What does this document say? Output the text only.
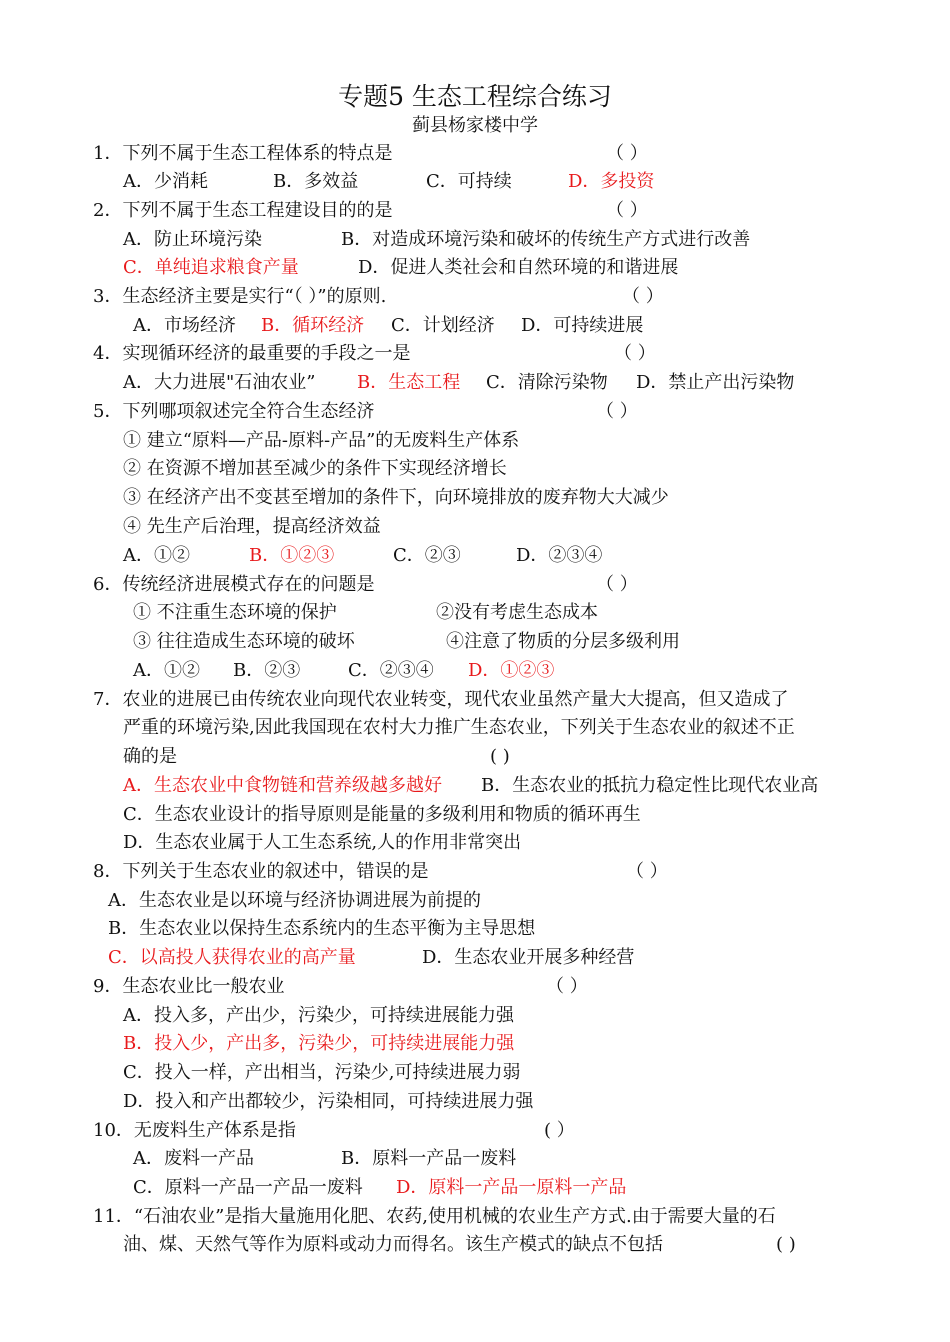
专题5 生态工程综合练习
蓟县杨家楼中学
1．下列不属于生态工程体系的特点是	（ ）
A．少消耗	B．多效益	C．可持续	D．多投资
2．下列不属于生态工程建设目的的是	（ ）
A．防止环境污染	B．对造成环境污染和破坏的传统生产方式进行改善
C．单纯追求粮食产量	D．促进人类社会和自然环境的和谐进展
3．生态经济主要是实行“（ ）”的原则.	（ ）
A．市场经济 B．循环经济 C．计划经济 D．可持续进展
4．实现循环经济的最重要的手段之一是	（ ）
A．大力进展"石油农业” B．生态工程 C．清除污染物 D．禁止产出污染物
5．下列哪项叙述完全符合生态经济	（ ）
① 建立“原料—产品-原料-产品”的无废料生产体系
② 在资源不增加甚至减少的条件下实现经济增长
③ 在经济产出不变甚至增加的条件下，向环境排放的废弃物大大减少
④ 先生产后治理，提高经济效益
A．①②	B．①②③	C．②③	D．②③④
6．传统经济进展模式存在的问题是	（ ）
① 不注重生态环境的保护	②没有考虑生态成本
③ 往往造成生态环境的破坏	④注意了物质的分层多级利用
A．①② B．②③	C．②③④ D．①②③
7．农业的进展已由传统农业向现代农业转变，现代农业虽然产量大大提高，但又造成了
严重的环境污染,因此我国现在农村大力推广生态农业，下列关于生态农业的叙述不正
确的是	( )
A．生态农业中食物链和营养级越多越好 B．生态农业的抵抗力稳定性比现代农业高
C．生态农业设计的指导原则是能量的多级利用和物质的循环再生
D．生态农业属于人工生态系统,人的作用非常突出
8．下列关于生态农业的叙述中，错误的是	（ ）
A．生态农业是以环境与经济协调进展为前提的
B．生态农业以保持生态系统内的生态平衡为主导思想
C．以高投人获得农业的高产量	D．生态农业开展多种经营
9．生态农业比一般农业	（ ）
A．投入多，产出少，污染少，可持续进展能力强
B．投入少，产出多，污染少，可持续进展能力强
C．投入一样，产出相当，污染少,可持续进展力弱
D．投入和产出都较少，污染相同，可持续进展力强
10．无废料生产体系是指	( ）
A．废料一产品	B．原料一产品一废料
C．原料一产品一产品一废料 D．原料一产品一原料一产品
11．“石油农业”是指大量施用化肥、农药,使用机械的农业生产方式.由于需要大量的石
油、煤、天然气等作为原料或动力而得名。该生产模式的缺点不包括	( )
